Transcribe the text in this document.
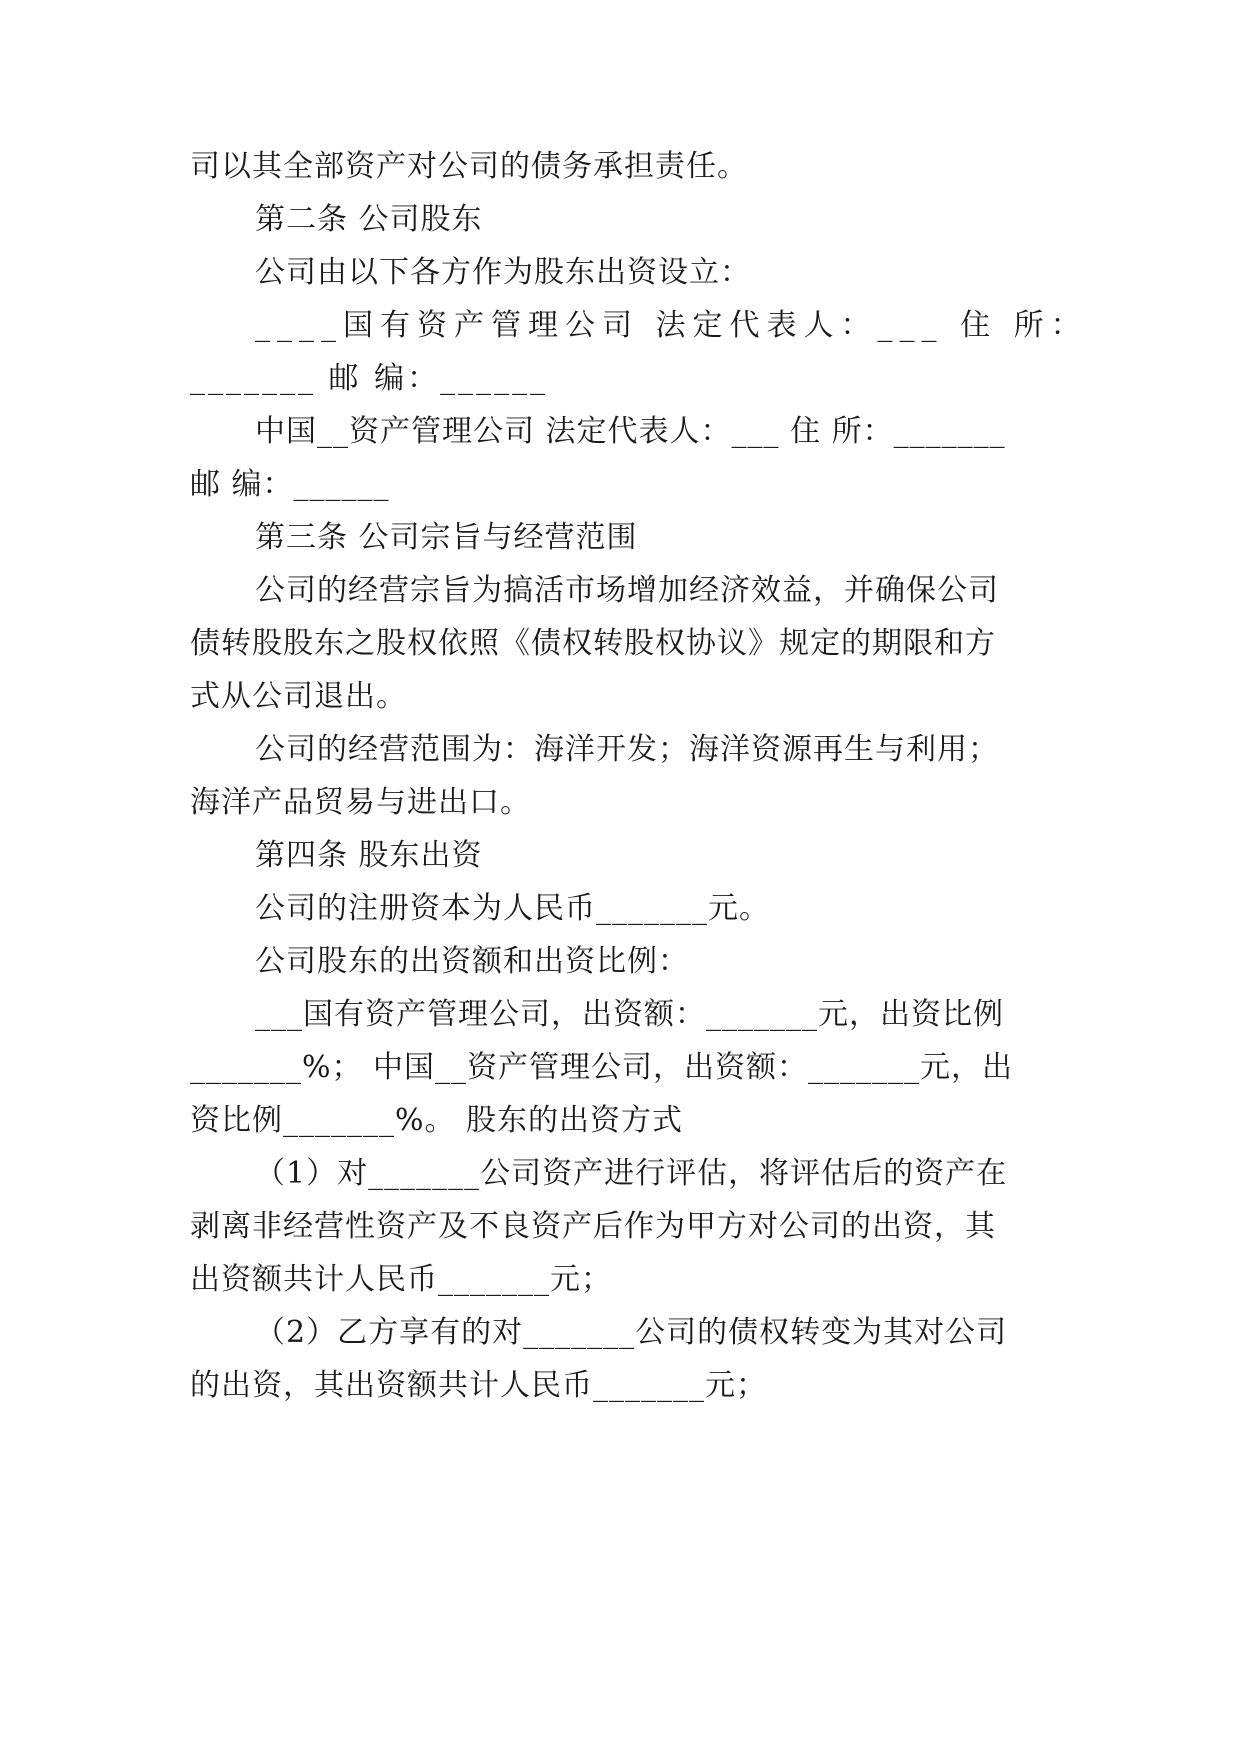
司以其全部资产对公司的债务承担责任。
第二条 公司股东
公司由以下各方作为股东出资设立：
____国有资产管理公司 法定代表人：___ 住 所：
_______ 邮 编：______
中国__资产管理公司 法定代表人：___ 住 所：_______
邮 编：______
第三条 公司宗旨与经营范围
公司的经营宗旨为搞活市场增加经济效益，并确保公司
债转股股东之股权依照《债权转股权协议》规定的期限和方
式从公司退出。
公司的经营范围为：海洋开发；海洋资源再生与利用；
海洋产品贸易与进出口。
第四条 股东出资
公司的注册资本为人民币_______元。
公司股东的出资额和出资比例：
___国有资产管理公司，出资额：_______元，出资比例
_______%； 中国__资产管理公司，出资额：_______元，出
资比例_______%。 股东的出资方式
（1）对_______公司资产进行评估，将评估后的资产在
剥离非经营性资产及不良资产后作为甲方对公司的出资，其
出资额共计人民币_______元；
（2）乙方享有的对_______公司的债权转变为其对公司
的出资，其出资额共计人民币_______元；
